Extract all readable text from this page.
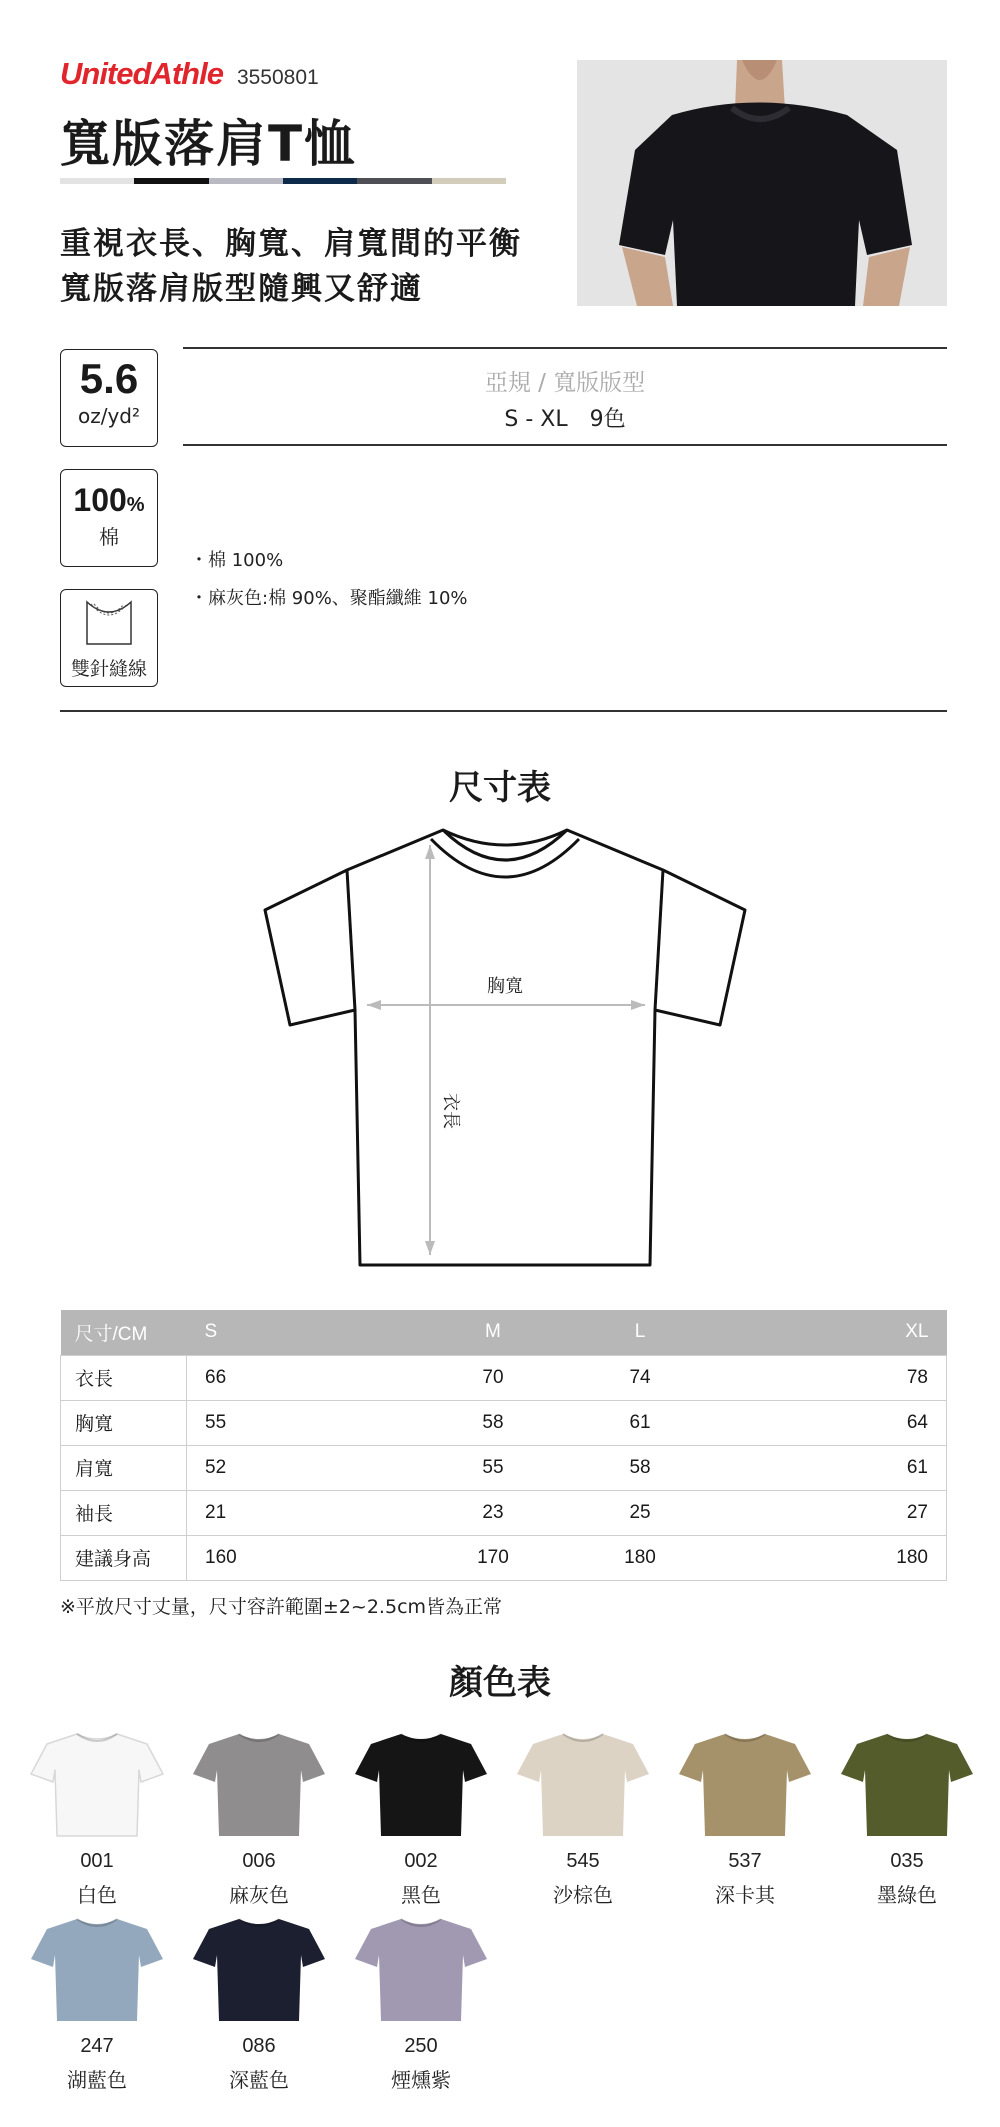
UnitedAthle 3550801
寬版落肩T恤
重視衣長、胸寬、肩寬間的平衡
寬版落肩版型隨興又舒適
5.6
oz/yd²
100%
棉
雙針縫線
亞規 / 寬版版型
S - XL　9色
・棉 100%
・麻灰色:棉 90%、聚酯纖維 10%
尺寸表
胸寬
衣長
尺寸/CM	S	M	L	XL
衣長	66	70	74	78
胸寬	55	58	61	64
肩寬	52	55	58	61
袖長	21	23	25	27
建議身高	160	170	180	180
※平放尺寸丈量，尺寸容許範圍±2~2.5cm皆為正常
顏色表
001
白色
006
麻灰色
002
黑色
545
沙棕色
537
深卡其
035
墨綠色
247
湖藍色
086
深藍色
250
煙燻紫
